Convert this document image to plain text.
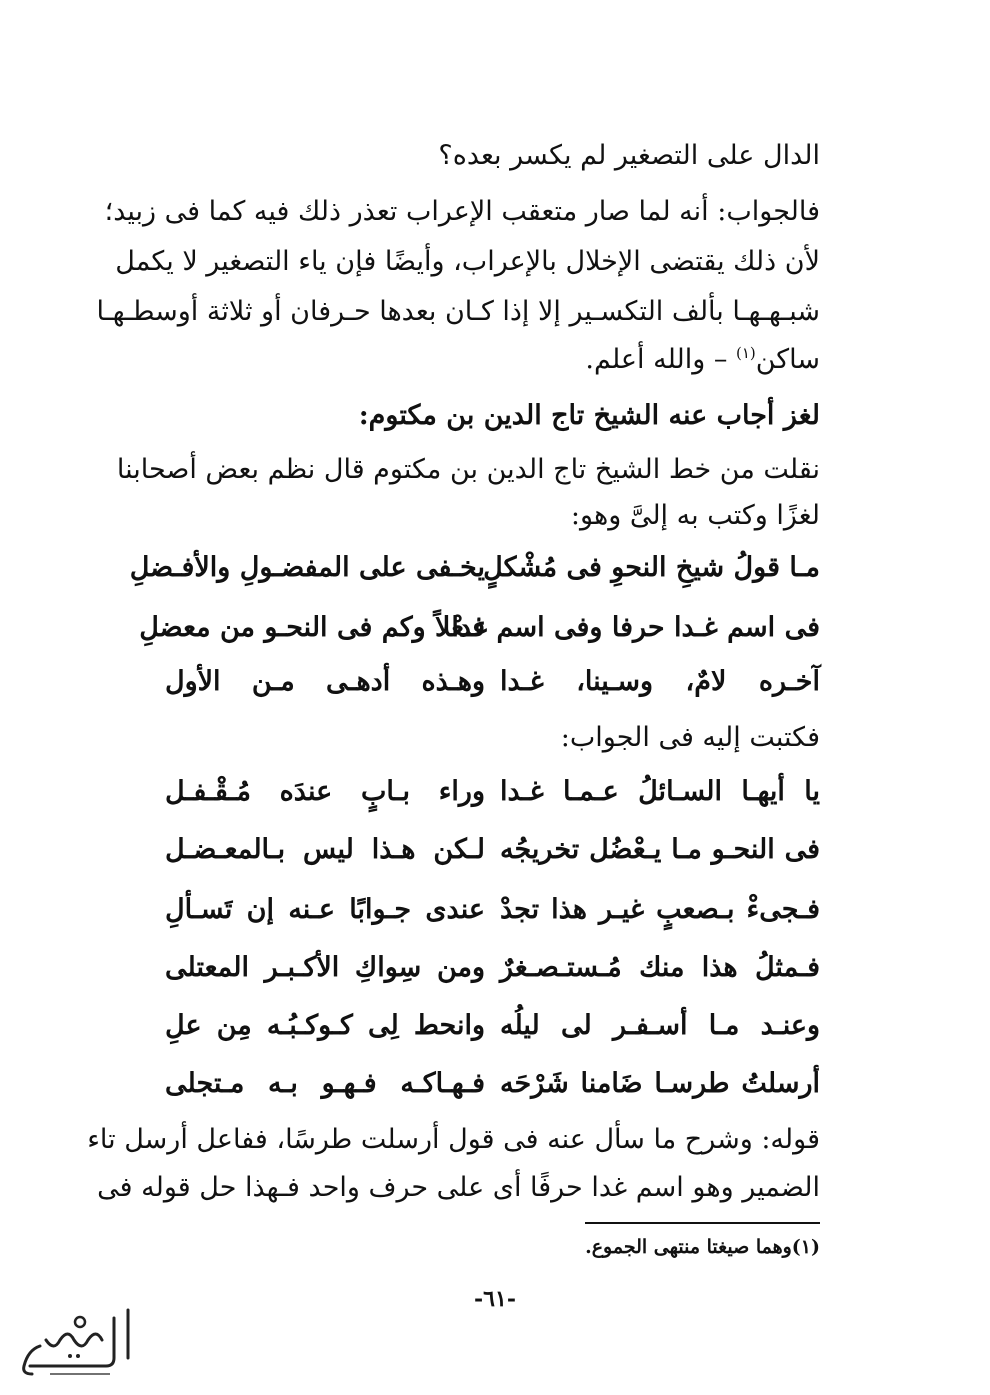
الدال على التصغير لم يكسر بعده؟
فالجواب: أنه لما صار متعقب الإعراب تعذر ذلك فيه كما فى زبيد؛
لأن ذلك يقتضى الإخلال بالإعراب، وأيضًا فإن ياء التصغير لا يكمل
شبـهـهـا بألف التكسـير إلا إذا كـان بعدها حـرفان أو ثلاثة أوسطـهـا
ساكن$^{(١)}$ – والله أعلم.
لغز أجاب عنه الشيخ تاج الدين بن مكتوم:
نقلت من خط الشيخ تاج الدين بن مكتوم قال نظم بعض أصحابنا
لغزًا وكتب به إلىَّ وهو:
مـا قولُ شيخِ النحوِ فى مُشْكلٍ
يخـفى على المفضـولِ والأفـضلِ
فى اسم غـدا حرفا وفى اسم غدا
فـعْلاً وكم فى النحـو من معضلِ
آخـره لامٌ، وسـينا، غـدا
وهـذه أدهـى مـن الأول
فكتبت إليه فى الجواب:
يا أيهـا السـائلُ عـمـا غـدا
وراء بـابٍ عندَه مُـقْـفـل
فى النحـو مـا يـعْضُل تخريجُه
لـكن هـذا ليس بـالمعـضـل
فـجىءْ بـصعبٍ غيـر هذا تجدْ
عندى جـوابًا عـنه إن تَسـألِ
فـمثلُ هذا منك مُـستـصـغرٌ
ومن سِواكِ الأكـبـر المعتلى
وعنـد مـا أسـفـر لى ليلُه
وانحط لِى كـوكـبُـه مِن علِ
أرسلتُ طرسـا ضَامنا شَرْحَه
فـهـاكـه فـهـو بـه مـتجلى
قوله: وشرح ما سأل عنه فى قول أرسلت طرسًا، ففاعل أرسل تاء
الضمير وهو اسم غدا حرفًا أى على حرف واحد فـهذا حل قوله فى
(١)وهما صيغتا منتهى الجموع.
-٦١-
